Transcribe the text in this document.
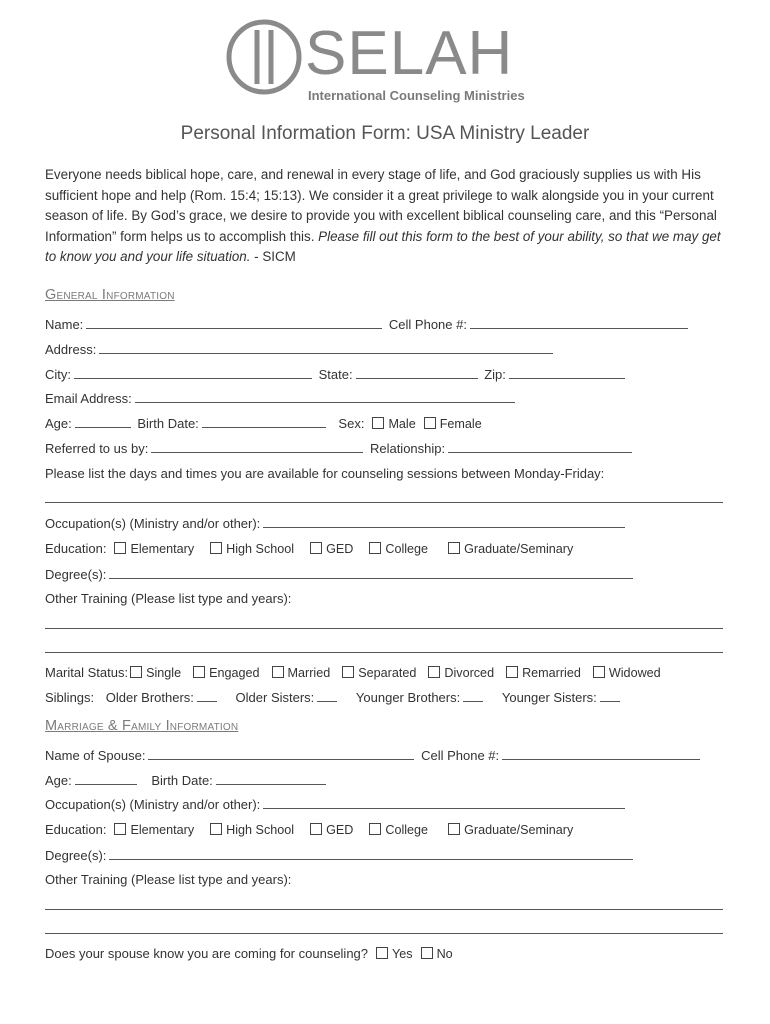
SELAH
International Counseling Ministries
Personal Information Form: USA Ministry Leader
Everyone needs biblical hope, care, and renewal in every stage of life, and God graciously supplies us with His sufficient hope and help (Rom. 15:4; 15:13). We consider it a great privilege to walk alongside you in your current season of life. By God’s grace, we desire to provide you with excellent biblical counseling care, and this “Personal Information” form helps us to accomplish this. Please fill out this form to the best of your ability, so that we may get to know you and your life situation. - SICM
General Information
Name:	Cell Phone #:
Address:
City:	State:	Zip:
Email Address:
Age:	Birth Date:	Sex: Male Female
Referred to us by:	Relationship:
Please list the days and times you are available for counseling sessions between Monday-Friday:
Occupation(s) (Ministry and/or other):
Education: Elementary	High School	GED	College	Graduate/Seminary
Degree(s):
Other Training (Please list type and years):
Marital Status: Single Engaged Married Separated Divorced Remarried Widowed
Siblings: Older Brothers:	Older Sisters:	Younger Brothers:	Younger Sisters:
Marriage & Family Information
Name of Spouse:	Cell Phone #:
Age:	Birth Date:
Occupation(s) (Ministry and/or other):
Education: Elementary	High School	GED	College	Graduate/Seminary
Degree(s):
Other Training (Please list type and years):
Does your spouse know you are coming for counseling? Yes No
